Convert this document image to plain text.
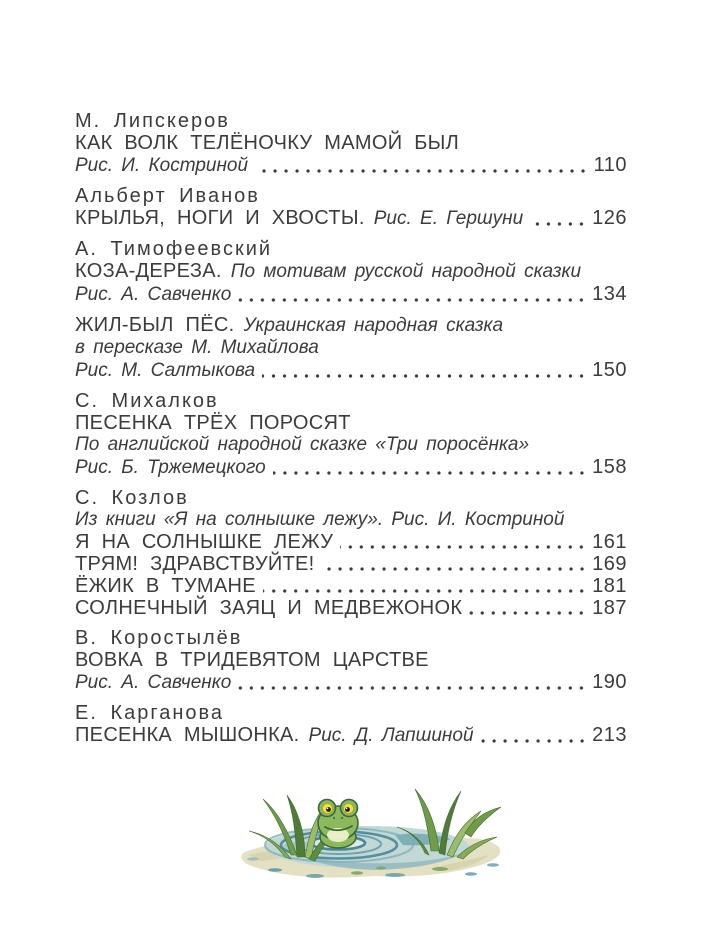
М. Липскеров
КАК ВОЛК ТЕЛЁНОЧКУ МАМОЙ БЫЛ
Рис. И. Костриной	110
Альберт Иванов
КРЫЛЬЯ, НОГИ И ХВОСТЫ. Рис. Е. Гершуни	126
А. Тимофеевский
КОЗА-ДЕРЕЗА. По мотивам русской народной сказки
Рис. А. Савченко	134
ЖИЛ-БЫЛ ПЁС. Украинская народная сказка
в пересказе М. Михайлова
Рис. М. Салтыкова	150
С. Михалков
ПЕСЕНКА ТРЁХ ПОРОСЯТ
По английской народной сказке «Три поросёнка»
Рис. Б. Тржемецкого	158
С. Козлов
Из книги «Я на солнышке лежу». Рис. И. Костриной
Я НА СОЛНЫШКЕ ЛЕЖУ	161
ТРЯМ! ЗДРАВСТВУЙТЕ!	169
ЁЖИК В ТУМАНЕ	181
СОЛНЕЧНЫЙ ЗАЯЦ И МЕДВЕЖОНОК	187
В. Коростылёв
ВОВКА В ТРИДЕВЯТОМ ЦАРСТВЕ
Рис. А. Савченко	190
Е. Карганова
ПЕСЕНКА МЫШОНКА. Рис. Д. Лапшиной	213
